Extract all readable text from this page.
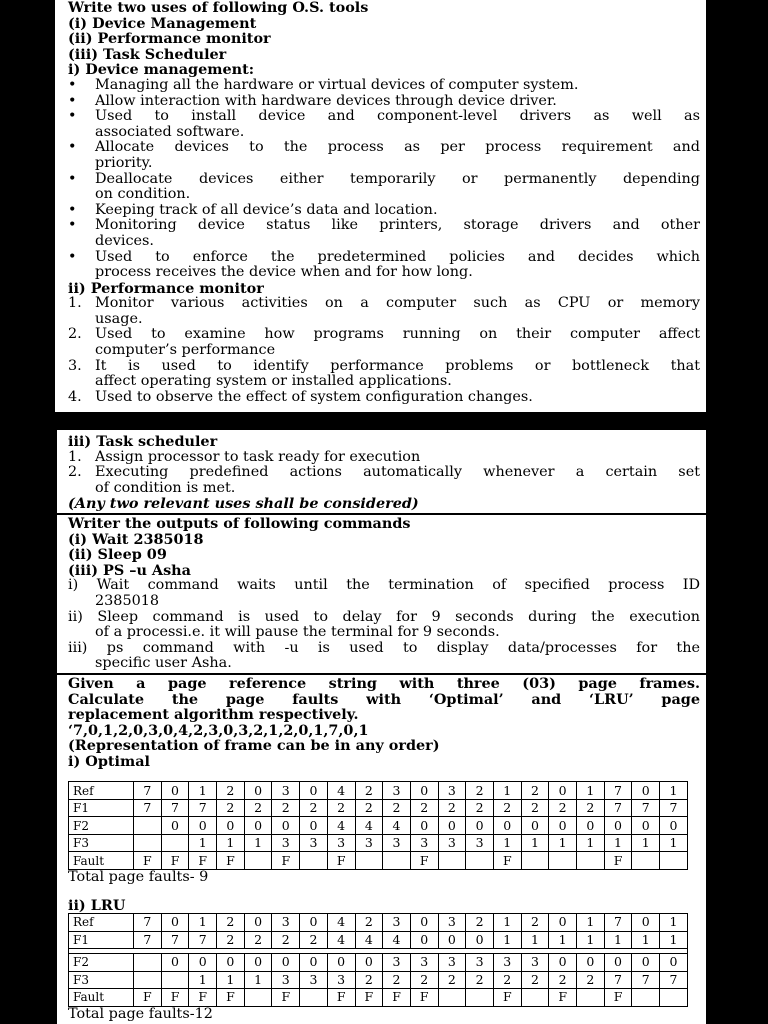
Write two uses of following O.S. tools
(i) Device Management
(ii) Performance monitor
(iii) Task Scheduler
i) Device management:
•	Managing all the hardware or virtual devices of computer system.
•	Allow interaction with hardware devices through device driver.
•	Used to install device and component-level drivers as well as
associated software.
•	Allocate devices to the process as per process requirement and
priority.
•	Deallocate devices either temporarily or permanently depending
on condition.
•	Keeping track of all device’s data and location.
•	Monitoring device status like printers, storage drivers and other
devices.
•	Used to enforce the predetermined policies and decides which
process receives the device when and for how long.
ii) Performance monitor
1. Monitor various activities on a computer such as CPU or memory
usage.
2. Used to examine how programs running on their computer affect
computer’s performance
3. It is used to identify performance problems or bottleneck that
affect operating system or installed applications.
4. Used to observe the effect of system configuration changes.
iii) Task scheduler
1. Assign processor to task ready for execution
2. Executing predefined actions automatically whenever a certain set
of condition is met.
(Any two relevant uses shall be considered)
Writer the outputs of following commands
(i) Wait 2385018
(ii) Sleep 09
(iii) PS –u Asha
i) Wait command waits until the termination of specified process ID
2385018
ii) Sleep command is used to delay for 9 seconds during the execution
of a processi.e. it will pause the terminal for 9 seconds.
iii) ps command with -u is used to display data/processes for the
specific user Asha.
Given a page reference string with three (03) page frames.
Calculate the page faults with ‘Optimal’ and ‘LRU’ page
replacement algorithm respectively.
‘7,0,1,2,0,3,0,4,2,3,0,3,2,1,2,0,1,7,0,1
(Representation of frame can be in any order)
i) Optimal
Ref	7	0	1	2	0	3	0	4	2	3	0	3	2	1	2	0	1	7	0	1
F1	7	7	7	2	2	2	2	2	2	2	2	2	2	2	2	2	2	7	7	7
F2		0	0	0	0	0	0	4	4	4	0	0	0	0	0	0	0	0	0	0
F3			1	1	1	3	3	3	3	3	3	3	3	1	1	1	1	1	1	1
Fault	F	F	F	F		F		F			F			F				F		
Total page faults- 9
ii) LRU
Ref	7	0	1	2	0	3	0	4	2	3	0	3	2	1	2	0	1	7	0	1
F1	7	7	7	2	2	2	2	4	4	4	0	0	0	1	1	1	1	1	1	1

F2		0	0	0	0	0	0	0	0	3	3	3	3	3	3	0	0	0	0	0
F3			1	1	1	3	3	3	2	2	2	2	2	2	2	2	2	7	7	7
Fault	F	F	F	F		F		F	F	F	F			F		F		F		
Total page faults-12
